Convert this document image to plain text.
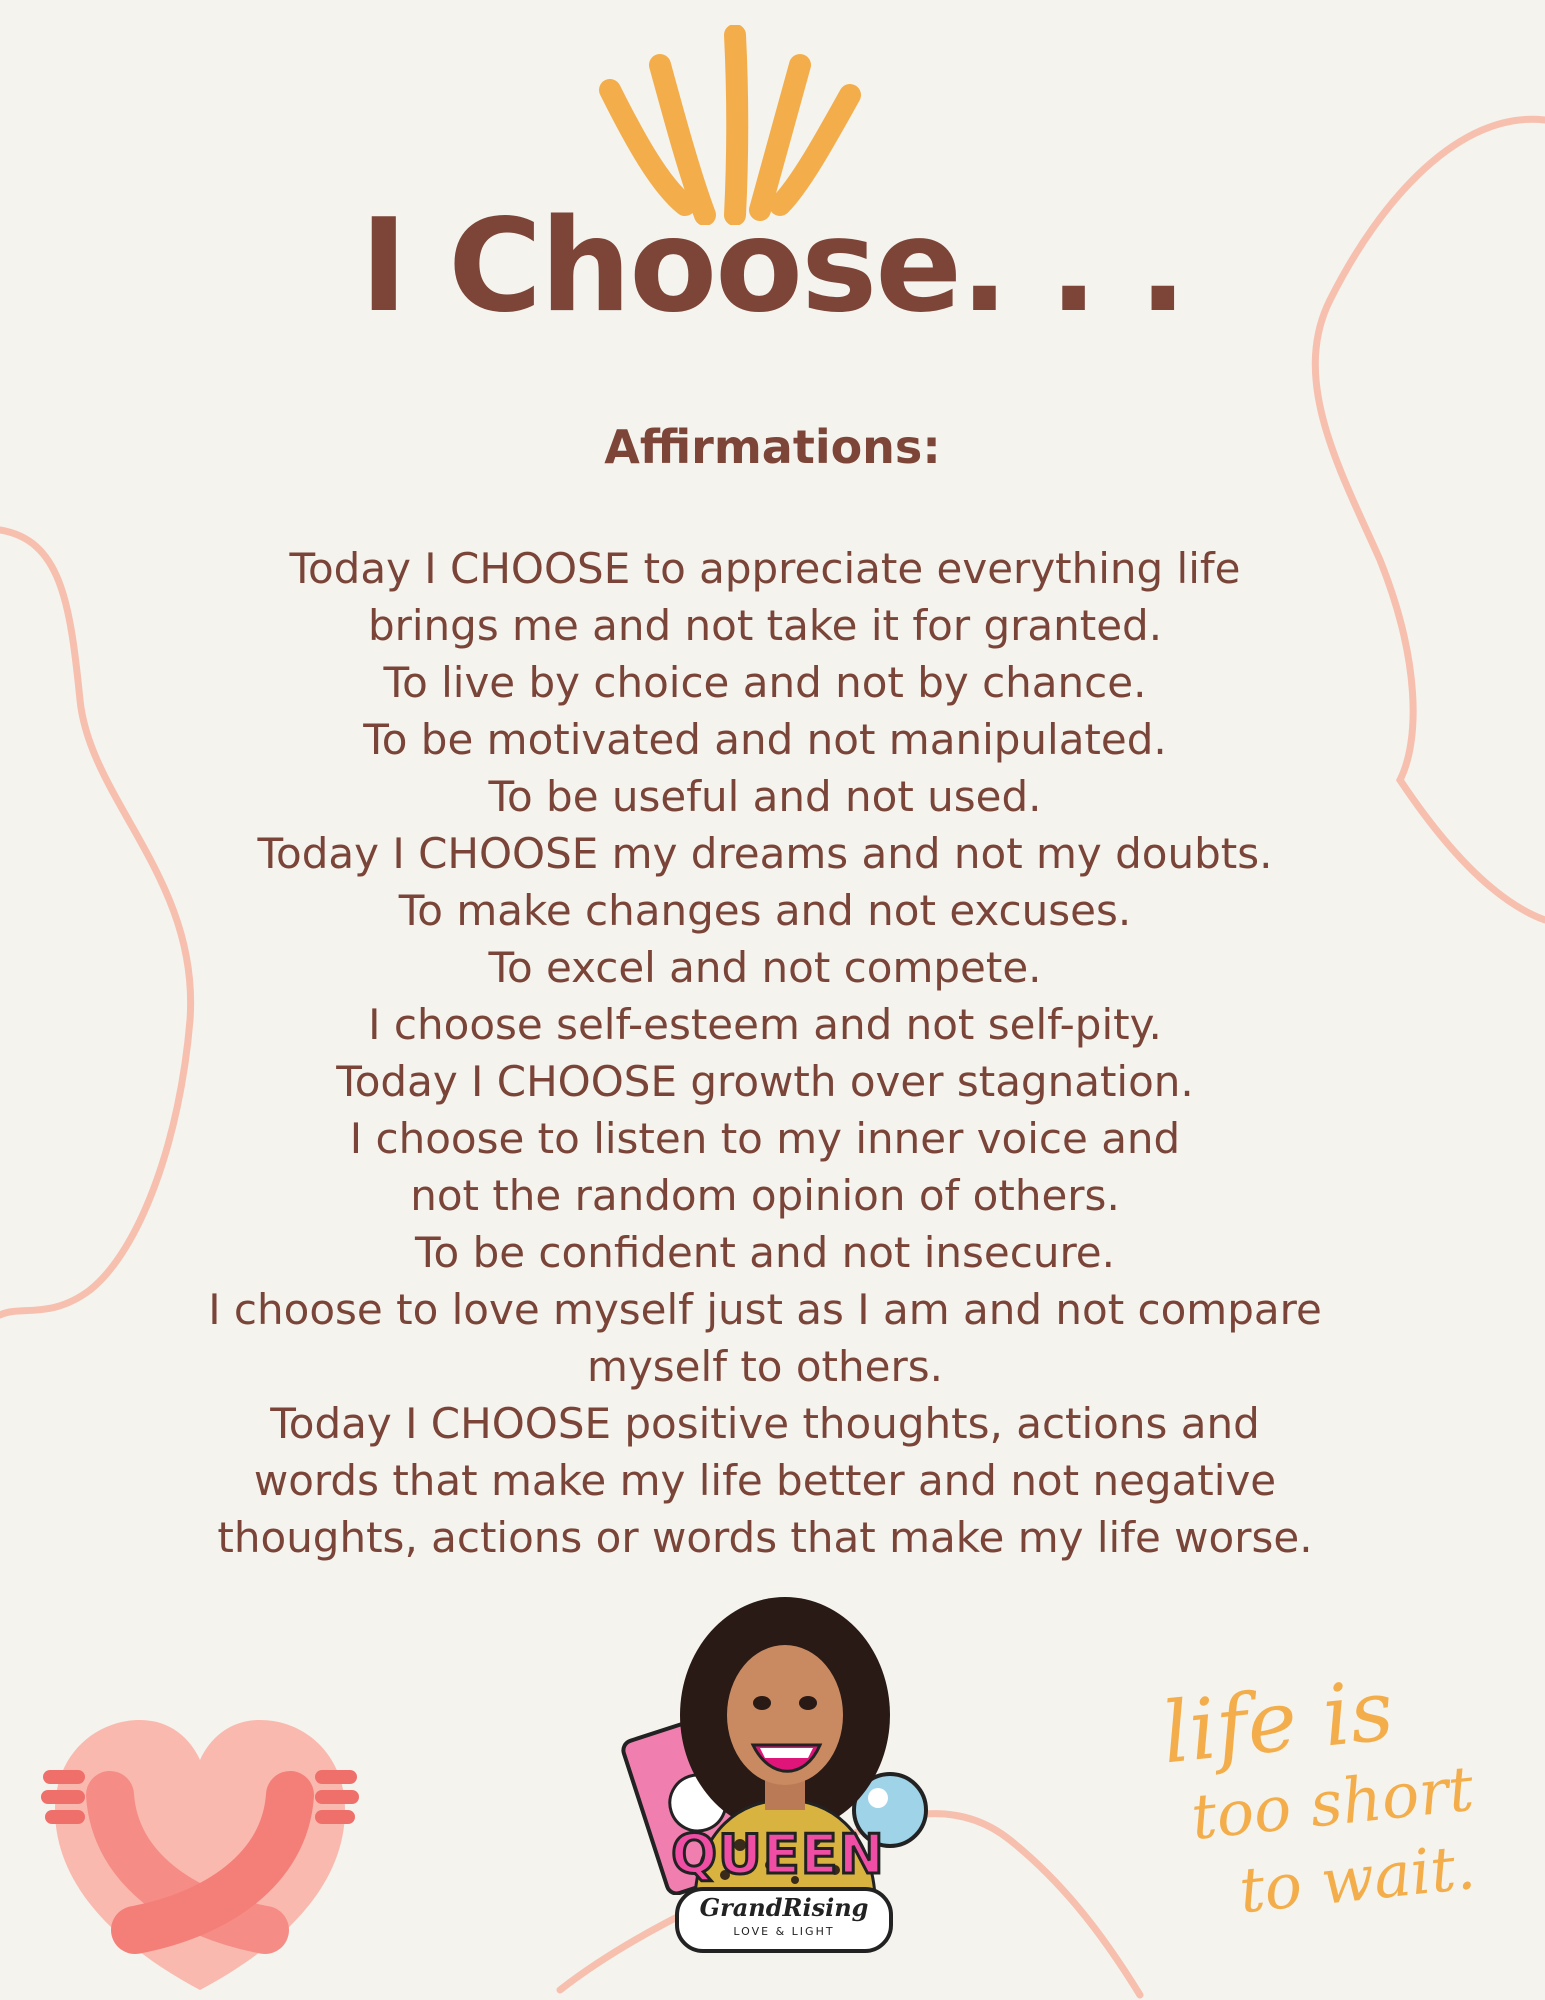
I Choose. . .
Affirmations:
Today I CHOOSE to appreciate everything life
brings me and not take it for granted.
To live by choice and not by chance.
To be motivated and not manipulated.
To be useful and not used.
Today I CHOOSE my dreams and not my doubts.
To make changes and not excuses.
To excel and not compete.
I choose self-esteem and not self-pity.
Today I CHOOSE growth over stagnation.
I choose to listen to my inner voice and
not the random opinion of others.
To be confident and not insecure.
I choose to love myself just as I am and not compare
myself to others.
Today I CHOOSE positive thoughts, actions and
words that make my life better and not negative
thoughts, actions or words that make my life worse.
QUEEN
GrandRising
LOVE & LIGHT
life is
too short
to wait.
